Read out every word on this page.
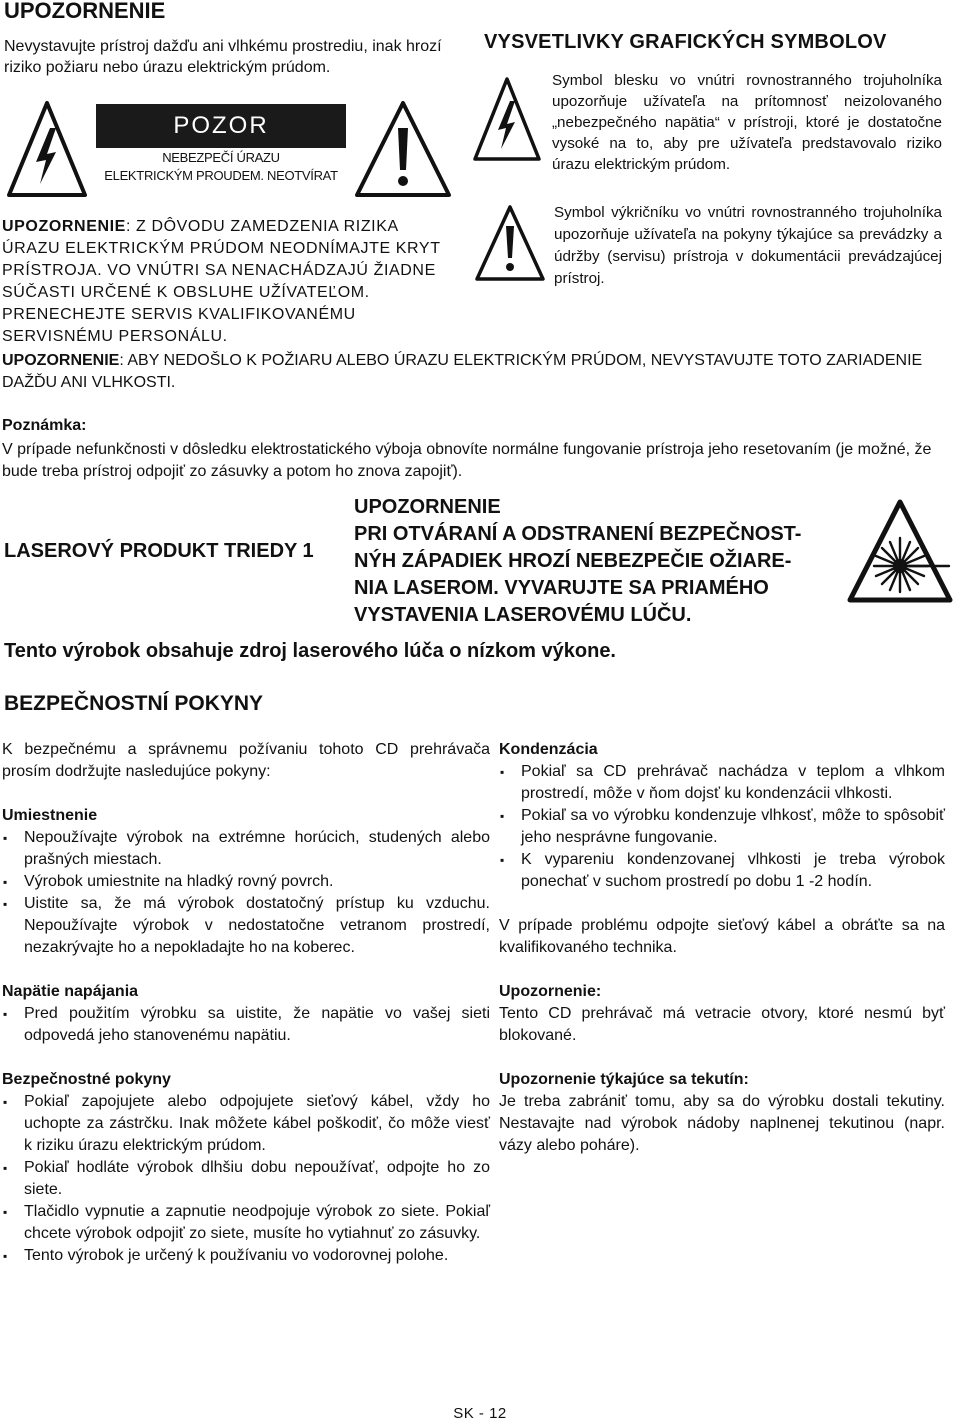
UPOZORNENIE

Nevystavujte prístroj dažďu ani vlhkému prostrediu, inak hrozí riziko požiaru nebo úrazu elektrickým prúdom.

POZOR
NEBEZPEČÍ ÚRAZU
ELEKTRICKÝM PROUDEM. NEOTVÍRAT

UPOZORNENIE: Z DÔVODU ZAMEDZENIA RIZIKA ÚRAZU ELEKTRICKÝM PRÚDOM NEODNÍMAJTE KRYT PRÍSTROJA. VO VNÚTRI SA NENACHÁDZAJÚ ŽIADNE SÚČASTI URČENÉ K OBSLUHE UŽÍVATEĽOM. PRENECHEJTE SERVIS KVALIFIKOVANÉMU SERVISNÉMU PERSONÁLU.

UPOZORNENIE: ABY NEDOŠLO K POŽIARU ALEBO ÚRAZU ELEKTRICKÝM PRÚDOM, NEVYSTAVUJTE TOTO ZARIADENIE DAŽĎU ANI VLHKOSTI.

VYSVETLIVKY GRAFICKÝCH SYMBOLOV

Symbol blesku vo vnútri rovnostranného trojuholníka upozorňuje užívateľa na prítomnosť neizolovaného „nebezpečného napätia“ v prístroji, ktoré je dostatočne vysoké na to, aby pre užívateľa predstavovalo riziko úrazu elektrickým prúdom.

Symbol výkričníku vo vnútri rovnostranného trojuholníka upozorňuje užívateľa na pokyny týkajúce sa prevádzky a údržby (servisu) prístroja v dokumentácii prevádzajúcej prístroj.

Poznámka:

V prípade nefunkčnosti v dôsledku elektrostatického výboja obnovíte normálne fungovanie prístroja jeho resetovaním (je možné, že bude treba prístroj odpojiť zo zásuvky a potom ho znova zapojiť).

LASEROVÝ PRODUKT TRIEDY 1
UPOZORNENIE
PRI OTVÁRANÍ A ODSTRANENÍ BEZPEČNOST-
NÝH ZÁPADIEK HROZÍ NEBEZPEČIE OŽIARE-
NIA LASEROM. VYVARUJTE SA PRIAMÉHO
VYSTAVENIA LASEROVÉMU LÚČU.
Tento výrobok obsahuje zdroj laserového lúča o nízkom výkone.
BEZPEČNOSTNÍ POKYNY

K bezpečnému a správnemu požívaniu tohoto CD prehrávača prosím dodržujte nasledujúce pokyny:

Umiestnenie
▪ Nepoužívajte výrobok na extrémne horúcich, studených alebo prašných miestach.
▪ Výrobok umiestnite na hladký rovný povrch.
▪ Uistite sa, že má výrobok dostatočný prístup ku vzduchu. Nepoužívajte výrobok v nedostatočne vetranom prostredí, nezakrývajte ho a nepokladajte ho na koberec.
Napätie napájania
▪ Pred použitím výrobku sa uistite, že napätie vo vašej sieti odpovedá jeho stanovenému napätiu.
Bezpečnostné pokyny
▪ Pokiaľ zapojujete alebo odpojujete sieťový kábel, vždy ho uchopte za zástrčku. Inak môžete kábel poškodiť, čo môže viesť k riziku úrazu elektrickým prúdom.
▪ Pokiaľ hodláte výrobok dlhšiu dobu nepoužívať, odpojte ho zo siete.
▪ Tlačidlo vypnutie a zapnutie neodpojuje výrobok zo siete. Pokiaľ chcete výrobok odpojiť zo siete, musíte ho vytiahnuť zo zásuvky.
▪ Tento výrobok je určený k používaniu vo vodorovnej polohe.
Kondenzácia
▪ Pokiaľ sa CD prehrávač nachádza v teplom a vlhkom prostredí, môže v ňom dojsť ku kondenzácii vlhkosti.
▪ Pokiaľ sa vo výrobku kondenzuje vlhkosť, môže to spôsobiť jeho nesprávne fungovanie.
▪ K vypareniu kondenzovanej vlhkosti je treba výrobok ponechať v suchom prostredí po dobu 1 -2 hodín.

V prípade problému odpojte sieťový kábel a obráťte sa na kvalifikovaného technika.

Upozornenie:

Tento CD prehrávač má vetracie otvory, ktoré nesmú byť blokované.

Upozornenie týkajúce sa tekutín:

Je treba zabrániť tomu, aby sa do výrobku dostali tekutiny. Nestavajte nad výrobok nádoby naplnenej tekutinou (napr. vázy alebo poháre).

SK - 12
